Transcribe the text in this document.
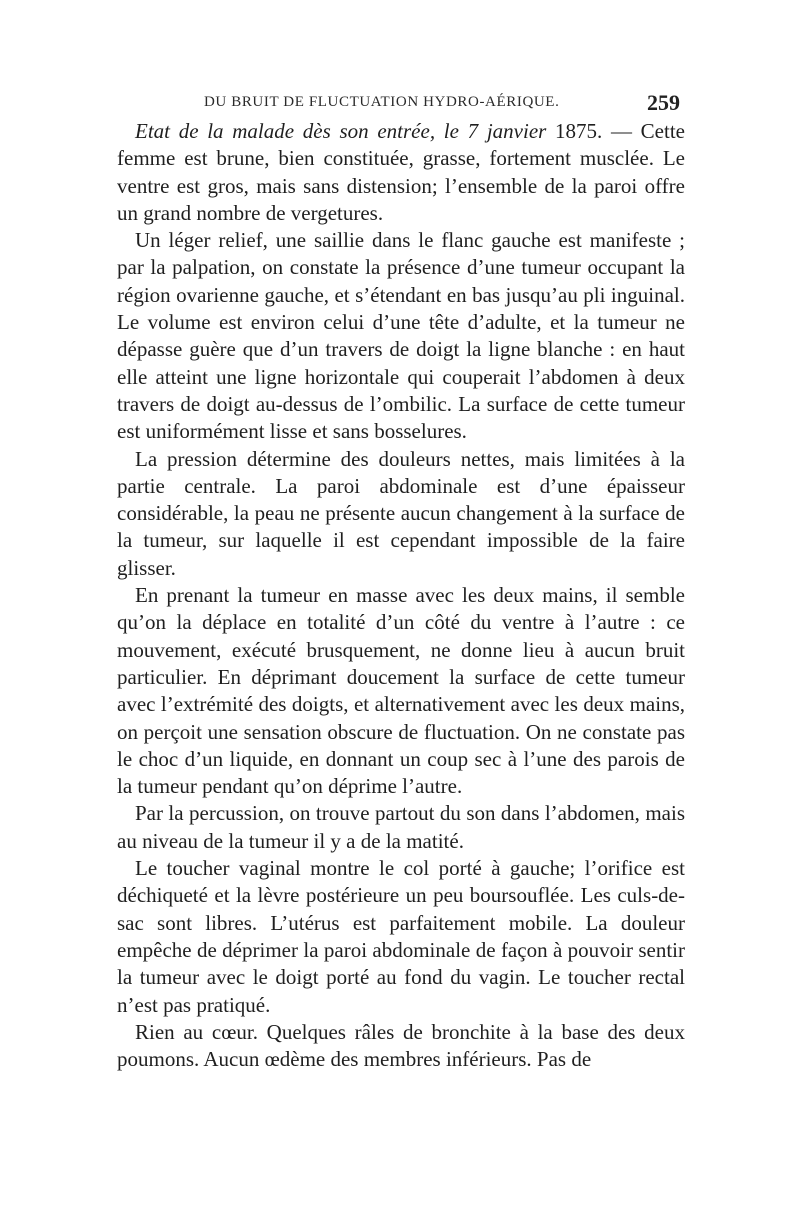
DU BRUIT DE FLUCTUATION HYDRO-AÉRIQUE.	259

Etat de la malade dès son entrée, le 7 janvier 1875. — Cette femme est brune, bien constituée, grasse, fortement musclée. Le ventre est gros, mais sans distension; l’ensemble de la paroi offre un grand nombre de vergetures.

Un léger relief, une saillie dans le flanc gauche est manifeste ; par la palpation, on constate la présence d’une tumeur occupant la région ovarienne gauche, et s’étendant en bas jusqu’au pli inguinal. Le volume est environ celui d’une tête d’adulte, et la tumeur ne dépasse guère que d’un travers de doigt la ligne blanche : en haut elle atteint une ligne horizontale qui couperait l’abdomen à deux travers de doigt au-dessus de l’ombilic. La surface de cette tumeur est uniformément lisse et sans bosselures.

La pression détermine des douleurs nettes, mais limitées à la partie centrale. La paroi abdominale est d’une épaisseur considérable, la peau ne présente aucun changement à la surface de la tumeur, sur laquelle il est cependant impossible de la faire glisser.

En prenant la tumeur en masse avec les deux mains, il semble qu’on la déplace en totalité d’un côté du ventre à l’autre : ce mouvement, exécuté brusquement, ne donne lieu à aucun bruit particulier. En déprimant doucement la surface de cette tumeur avec l’extrémité des doigts, et alternativement avec les deux mains, on perçoit une sensation obscure de fluctuation. On ne constate pas le choc d’un liquide, en donnant un coup sec à l’une des parois de la tumeur pendant qu’on déprime l’autre.

Par la percussion, on trouve partout du son dans l’abdomen, mais au niveau de la tumeur il y a de la matité.

Le toucher vaginal montre le col porté à gauche; l’orifice est déchiqueté et la lèvre postérieure un peu boursouflée. Les culs-de-sac sont libres. L’utérus est parfaitement mobile. La douleur empêche de déprimer la paroi abdominale de façon à pouvoir sentir la tumeur avec le doigt porté au fond du vagin. Le toucher rectal n’est pas pratiqué.

Rien au cœur. Quelques râles de bronchite à la base des deux poumons. Aucun œdème des membres inférieurs. Pas de
